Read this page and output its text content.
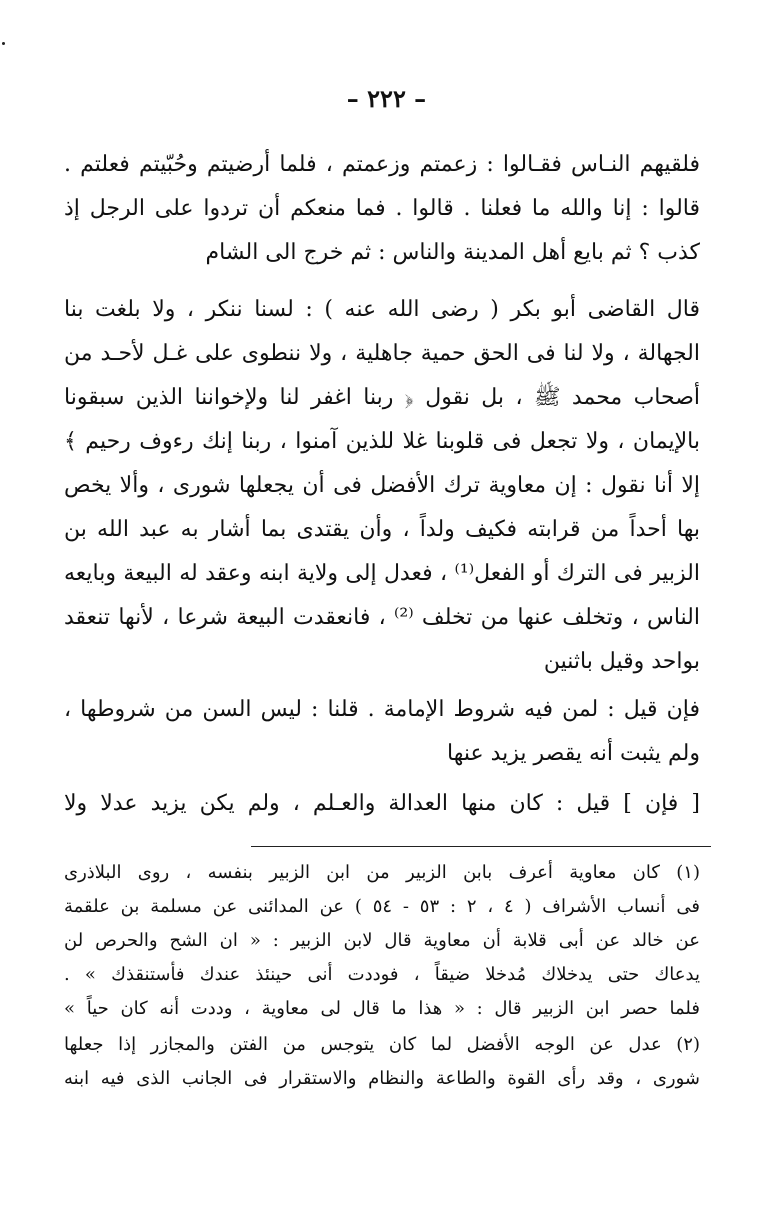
– ٢٢٢ –
فلقيهم النـاس فقـالوا : زعمتم وزعمتم ، فلما أرضيتم وحُبّيتم فعلتم .
قالوا : إنا والله ما فعلنا . قالوا . فما منعكم أن تردوا على الرجل إذ
كذب ؟ ثم بايع أهل المدينة والناس : ثم خرج الى الشام
قال القاضى أبو بكر ( رضى الله عنه ) : لسنا ننكر ، ولا بلغت بنا
الجهالة ، ولا لنا فى الحق حمية جاهلية ، ولا ننطوى على غـل لأحـد من
أصحاب محمد ﷺ ، بل نقول ﴿ ربنا اغفر لنا ولإخواننا الذين سبقونا
بالإيمان ، ولا تجعل فى قلوبنا غلا للذين آمنوا ، ربنا إنك رءوف رحيم ﴾
إلا أنا نقول : إن معاوية ترك الأفضل فى أن يجعلها شورى ، وألا يخص
بها أحداً من قرابته فكيف ولداً ، وأن يقتدى بما أشار به عبد الله بن
الزبير فى الترك أو الفعل⁽¹⁾ ، فعدل إلى ولاية ابنه وعقد له البيعة وبايعه
الناس ، وتخلف عنها من تخلف ⁽²⁾ ، فانعقدت البيعة شرعا ، لأنها تنعقد
بواحد وقيل باثنين
فإن قيل : لمن فيه شروط الإمامة . قلنا : ليس السن من شروطها ،
ولم يثبت أنه يقصر يزيد عنها
[ فإن ] قيل : كان منها العدالة والعـلم ، ولم يكن يزيد عدلا ولا
(١) كان معاوية أعرف بابن الزبير من ابن الزبير بنفسه ، روى البلاذرى
فى أنساب الأشراف ( ٤ ، ٢ : ٥٣ - ٥٤ ) عن المدائنى عن مسلمة بن علقمة
عن خالد عن أبى قلابة أن معاوية قال لابن الزبير : « ان الشح والحرص لن
يدعاك حتى يدخلاك مُدخلا ضيقاً ، فوددت أنى حينئذ عندك فأستنقذك » .
فلما حصر ابن الزبير قال : « هذا ما قال لى معاوية ، وددت أنه كان حياً »
(٢) عدل عن الوجه الأفضل لما كان يتوجس من الفتن والمجازر إذا جعلها
شورى ، وقد رأى القوة والطاعة والنظام والاستقرار فى الجانب الذى فيه ابنه
